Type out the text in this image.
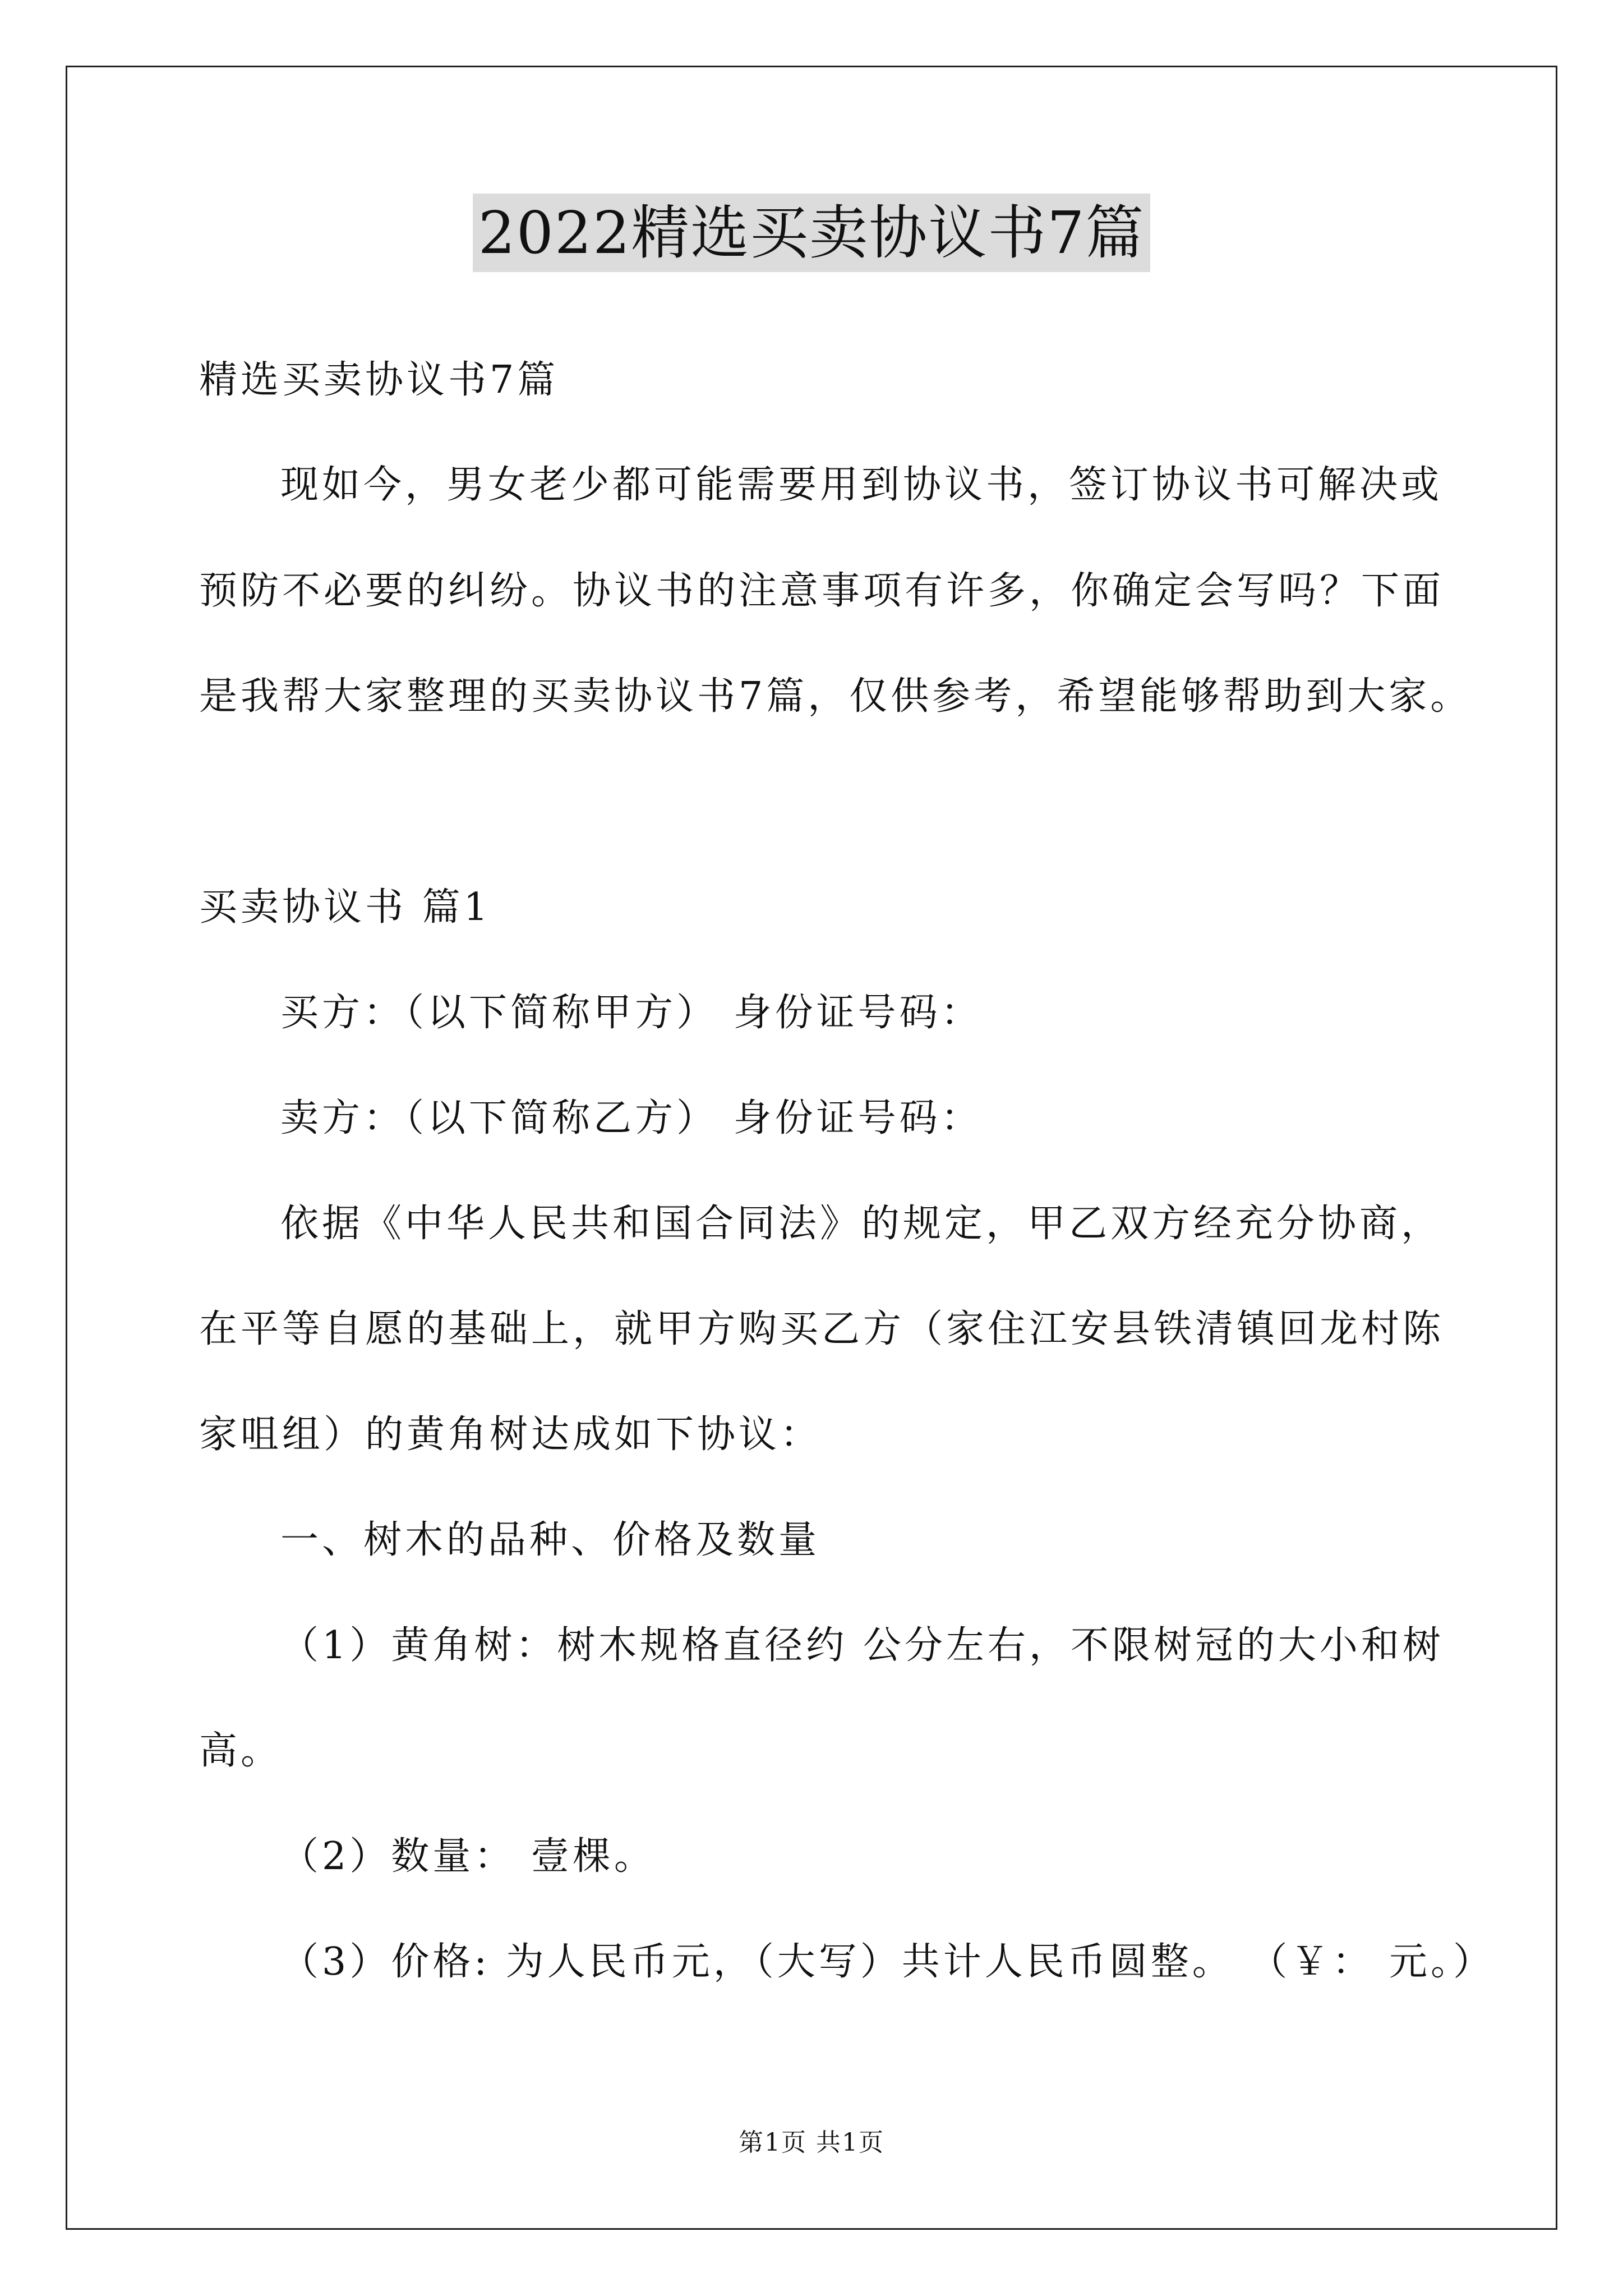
2022精选买卖协议书7篇
精选买卖协议书7篇
现如今，男女老少都可能需要用到协议书，签订协议书可解决或
预防不必要的纠纷。协议书的注意事项有许多，你确定会写吗？下面
是我帮大家整理的买卖协议书7篇，仅供参考，希望能够帮助到大家。
买卖协议书 篇1
买方：（以下简称甲方） 身份证号码：
卖方：（以下简称乙方） 身份证号码：
依据《中华人民共和国合同法》的规定，甲乙双方经充分协商，
在平等自愿的基础上，就甲方购买乙方（家住江安县铁清镇回龙村陈
家咀组）的黄角树达成如下协议：
一、树木的品种、价格及数量
（1）黄角树：树木规格直径约 公分左右，不限树冠的大小和树
高。
（2）数量： 壹棵。
（3）价格: 为人民币元，（大写）共计人民币圆整。 （￥： 元。）
第1页 共1页
